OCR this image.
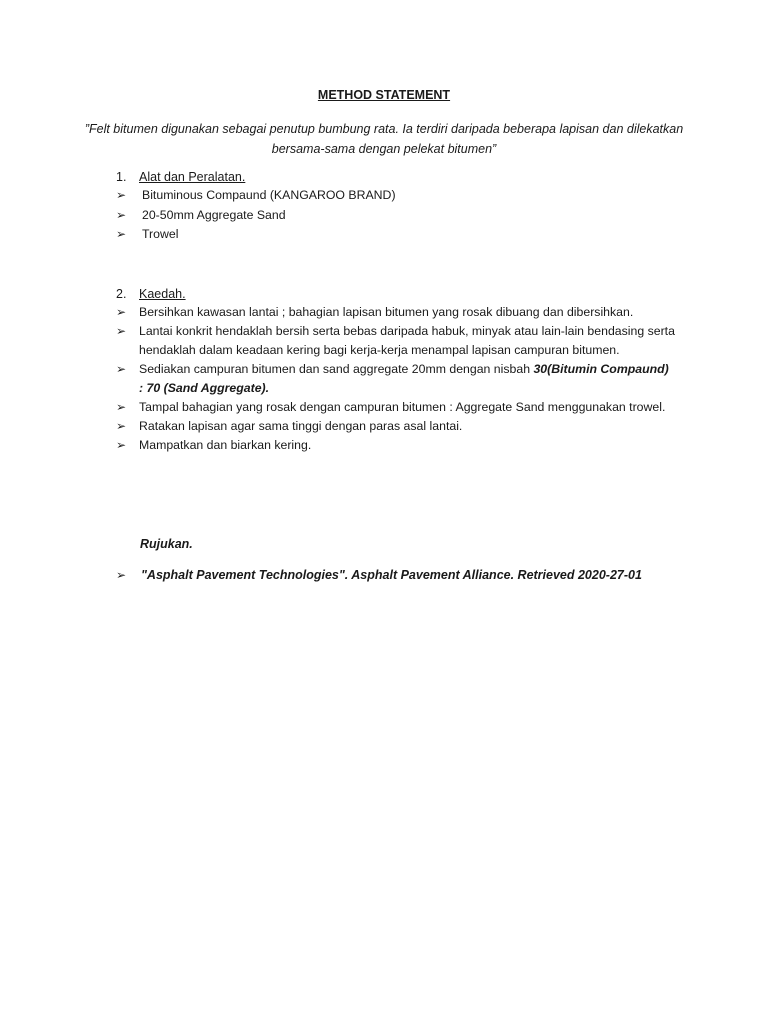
METHOD STATEMENT
”Felt bitumen digunakan sebagai penutup bumbung rata. Ia terdiri daripada beberapa lapisan dan dilekatkan bersama-sama dengan pelekat bitumen”
1. Alat dan Peralatan.
➢ Bituminous Compaund (KANGAROO BRAND)
➢ 20-50mm Aggregate Sand
➢ Trowel
2. Kaedah.
➢ Bersihkan kawasan lantai ; bahagian lapisan bitumen yang rosak dibuang dan dibersihkan.
➢ Lantai konkrit hendaklah bersih serta bebas daripada habuk, minyak atau lain-lain bendasing serta hendaklah dalam keadaan kering bagi kerja-kerja menampal lapisan campuran bitumen.
➢ Sediakan campuran bitumen dan sand aggregate 20mm dengan nisbah 30(Bitumin Compaund) : 70 (Sand Aggregate).
➢ Tampal bahagian yang rosak dengan campuran bitumen : Aggregate Sand menggunakan trowel.
➢ Ratakan lapisan agar sama tinggi dengan paras asal lantai.
➢ Mampatkan dan biarkan kering.
Rujukan.
➢ "Asphalt Pavement Technologies". Asphalt Pavement Alliance. Retrieved 2020-27-01
